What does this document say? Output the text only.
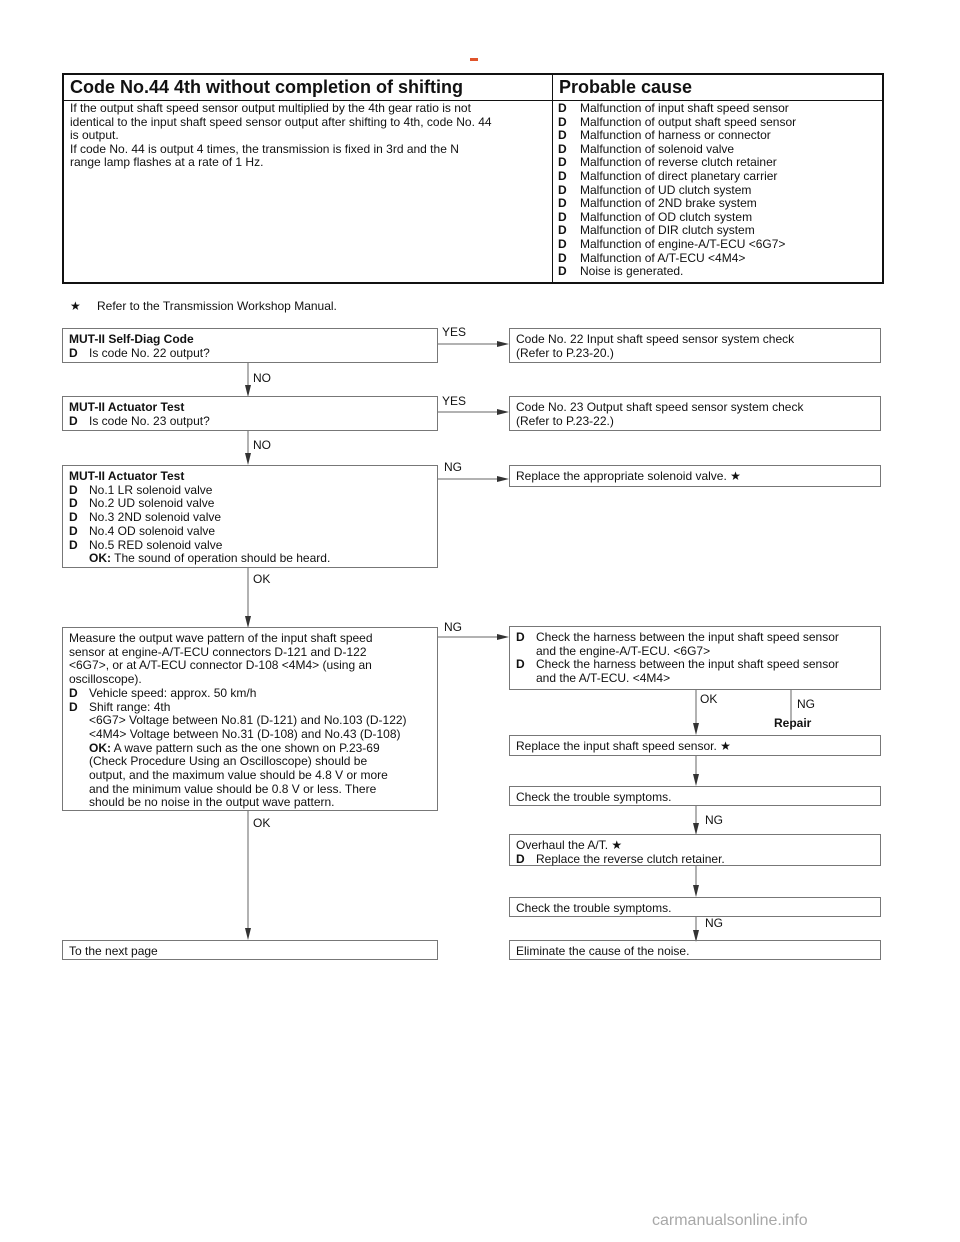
Code No.44 4th without completion of shifting	Probable cause

If the output shaft speed sensor output multiplied by the 4th gear ratio is not
identical to the input shaft speed sensor output after shifting to 4th, code No. 44
is output.
If code No. 44 is output 4 times, the transmission is fixed in 3rd and the N
range lamp flashes at a rate of 1 Hz.

D Malfunction of input shaft speed sensor
D Malfunction of output shaft speed sensor
D Malfunction of harness or connector
D Malfunction of solenoid valve
D Malfunction of reverse clutch retainer
D Malfunction of direct planetary carrier
D Malfunction of UD clutch system
D Malfunction of 2ND brake system
D Malfunction of OD clutch system
D Malfunction of DIR clutch system
D Malfunction of engine-A/T-ECU <6G7>
D Malfunction of A/T-ECU <4M4>
D Noise is generated.
★ Refer to the Transmission Workshop Manual.
MUT-II Self-Diag Code
D Is code No. 22 output?
Code No. 22 Input shaft speed sensor system check
(Refer to P.23-20.)
YES
NO
MUT-II Actuator Test
D Is code No. 23 output?
Code No. 23 Output shaft speed sensor system check
(Refer to P.23-22.)
YES
NO
MUT-II Actuator Test
D No.1 LR solenoid valve
D No.2 UD solenoid valve
D No.3 2ND solenoid valve
D No.4 OD solenoid valve
D No.5 RED solenoid valve
OK: The sound of operation should be heard.
Replace the appropriate solenoid valve. ★
NG
OK
Measure the output wave pattern of the input shaft speed
sensor at engine-A/T-ECU connectors D-121 and D-122
<6G7>, or at A/T-ECU connector D-108 <4M4> (using an
oscilloscope).
D Vehicle speed: approx. 50 km/h
D Shift range: 4th
<6G7> Voltage between No.81 (D-121) and No.103 (D-122)
<4M4> Voltage between No.31 (D-108) and No.43 (D-108)
OK: A wave pattern such as the one shown on P.23-69
(Check Procedure Using an Oscilloscope) should be
output, and the maximum value should be 4.8 V or more
and the minimum value should be 0.8 V or less. There
should be no noise in the output wave pattern.
D Check the harness between the input shaft speed sensor
and the engine-A/T-ECU. <6G7>
D Check the harness between the input shaft speed sensor
and the A/T-ECU. <4M4>
NG
OK	NG
Repair
OK
Replace the input shaft speed sensor. ★
Check the trouble symptoms.
NG
Overhaul the A/T. ★
D Replace the reverse clutch retainer.
Check the trouble symptoms.
NG
Eliminate the cause of the noise.
To the next page
carmanualsonline.info
